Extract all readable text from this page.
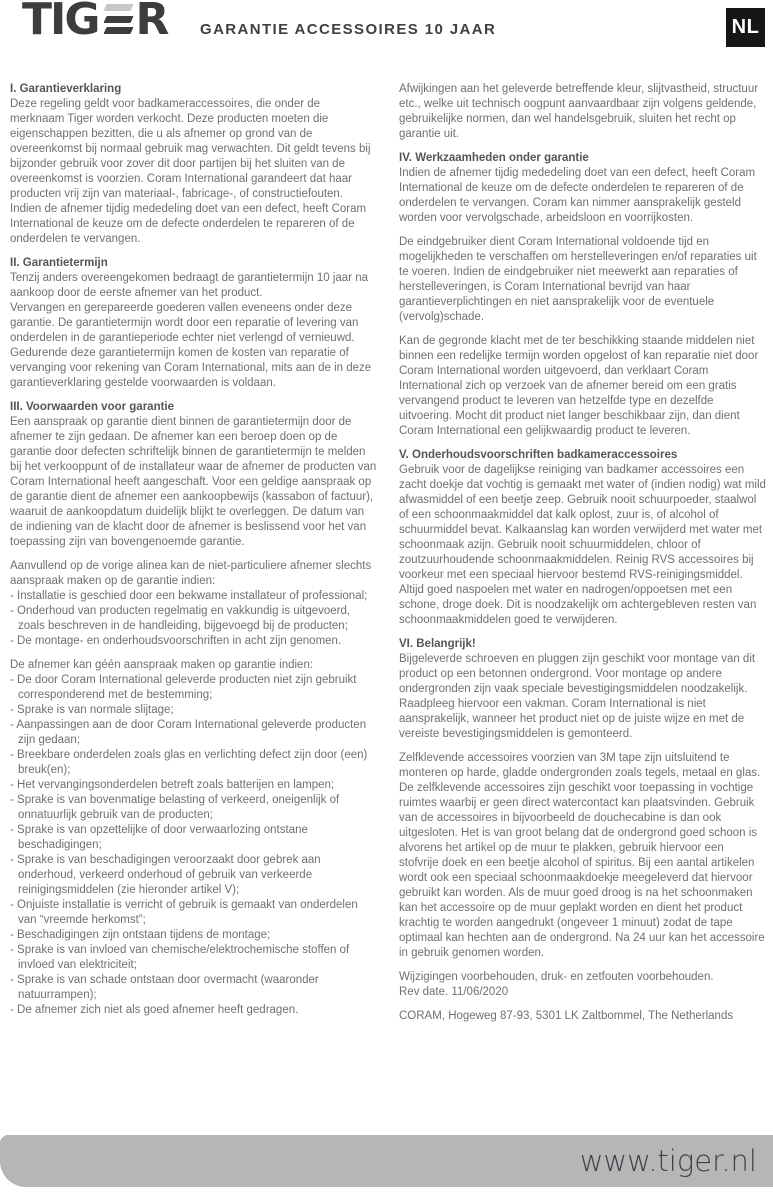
TIG R GARANTIE ACCESSOIRES 10 JAAR	NL
I. Garantieverklaring
Deze regeling geldt voor badkameraccessoires, die onder de merknaam Tiger worden verkocht. Deze producten moeten die eigenschappen bezitten, die u als afnemer op grond van de overeenkomst bij normaal gebruik mag verwachten. Dit geldt tevens bij bijzonder gebruik voor zover dit door partijen bij het sluiten van de overeenkomst is voorzien. Coram International garandeert dat haar producten vrij zijn van materiaal-, fabricage-, of constructiefouten. Indien de afnemer tijdig mededeling doet van een defect, heeft Coram International de keuze om de defecte onderdelen te repareren of de onderdelen te vervangen.
II. Garantietermijn
Tenzij anders overeengekomen bedraagt de garantietermijn 10 jaar na aankoop door de eerste afnemer van het product.
Vervangen en gerepareerde goederen vallen eveneens onder deze garantie. De garantietermijn wordt door een reparatie of levering van onderdelen in de garantieperiode echter niet verlengd of vernieuwd.
Gedurende deze garantietermijn komen de kosten van reparatie of vervanging voor rekening van Coram International, mits aan de in deze garantieverklaring gestelde voorwaarden is voldaan.
III. Voorwaarden voor garantie
Een aanspraak op garantie dient binnen de garantietermijn door de afnemer te zijn gedaan. De afnemer kan een beroep doen op de garantie door defecten schriftelijk binnen de garantietermijn te melden bij het verkooppunt of de installateur waar de afnemer de producten van Coram International heeft aangeschaft. Voor een geldige aanspraak op de garantie dient de afnemer een aankoopbewijs (kassabon of factuur), waaruit de aankoopdatum duidelijk blijkt te overleggen. De datum van de indiening van de klacht door de afnemer is beslissend voor het van toepassing zijn van bovengenoemde garantie.
Aanvullend op de vorige alinea kan de niet-particuliere afnemer slechts aanspraak maken op de garantie indien:
- Installatie is geschied door een bekwame installateur of professional;
- Onderhoud van producten regelmatig en vakkundig is uitgevoerd, zoals beschreven in de handleiding, bijgevoegd bij de producten;
- De montage- en onderhoudsvoorschriften in acht zijn genomen.
De afnemer kan géén aanspraak maken op garantie indien:
- De door Coram International geleverde producten niet zijn gebruikt corresponderend met de bestemming;
- Sprake is van normale slijtage;
- Aanpassingen aan de door Coram International geleverde producten zijn gedaan;
- Breekbare onderdelen zoals glas en verlichting defect zijn door (een) breuk(en);
- Het vervangingsonderdelen betreft zoals batterijen en lampen;
- Sprake is van bovenmatige belasting of verkeerd, oneigenlijk of onnatuurlijk gebruik van de producten;
- Sprake is van opzettelijke of door verwaarlozing ontstane beschadigingen;
- Sprake is van beschadigingen veroorzaakt door gebrek aan onderhoud, verkeerd onderhoud of gebruik van verkeerde reinigingsmiddelen (zie hieronder artikel V);
- Onjuiste installatie is verricht of gebruik is gemaakt van onderdelen van “vreemde herkomst”;
- Beschadigingen zijn ontstaan tijdens de montage;
- Sprake is van invloed van chemische/elektrochemische stoffen of invloed van elektriciteit;
- Sprake is van schade ontstaan door overmacht (waaronder natuurrampen);
- De afnemer zich niet als goed afnemer heeft gedragen.
Afwijkingen aan het geleverde betreffende kleur, slijtvastheid, structuur etc., welke uit technisch oogpunt aanvaardbaar zijn volgens geldende, gebruikelijke normen, dan wel handelsgebruik, sluiten het recht op garantie uit.
IV. Werkzaamheden onder garantie
Indien de afnemer tijdig mededeling doet van een defect, heeft Coram International de keuze om de defecte onderdelen te repareren of de onderdelen te vervangen. Coram kan nimmer aansprakelijk gesteld worden voor vervolgschade, arbeidsloon en voorrijkosten.
De eindgebruiker dient Coram International voldoende tijd en mogelijkheden te verschaffen om herstelleveringen en/of reparaties uit te voeren. Indien de eindgebruiker niet meewerkt aan reparaties of herstelleveringen, is Coram International bevrijd van haar garantieverplichtingen en niet aansprakelijk voor de eventuele (vervolg)schade.
Kan de gegronde klacht met de ter beschikking staande middelen niet binnen een redelijke termijn worden opgelost of kan reparatie niet door Coram International worden uitgevoerd, dan verklaart Coram International zich op verzoek van de afnemer bereid om een gratis vervangend product te leveren van hetzelfde type en dezelfde uitvoering. Mocht dit product niet langer beschikbaar zijn, dan dient Coram International een gelijkwaardig product te leveren.
V. Onderhoudsvoorschriften badkameraccessoires
Gebruik voor de dagelijkse reiniging van badkamer accessoires een zacht doekje dat vochtig is gemaakt met water of (indien nodig) wat mild afwasmiddel of een beetje zeep. Gebruik nooit schuurpoeder, staalwol of een schoonmaakmiddel dat kalk oplost, zuur is, of alcohol of schuurmiddel bevat. Kalkaanslag kan worden verwijderd met water met schoonmaak azijn. Gebruik nooit schuurmiddelen, chloor of zoutzuurhoudende schoonmaakmiddelen. Reinig RVS accessoires bij voorkeur met een speciaal hiervoor bestemd RVS-reinigingsmiddel. Altijd goed naspoelen met water en nadrogen/oppoetsen met een schone, droge doek. Dit is noodzakelijk om achtergebleven resten van schoonmaakmiddelen goed te verwijderen.
VI. Belangrijk!
Bijgeleverde schroeven en pluggen zijn geschikt voor montage van dit product op een betonnen ondergrond. Voor montage op andere ondergronden zijn vaak speciale bevestigingsmiddelen noodzakelijk. Raadpleeg hiervoor een vakman. Coram International is niet aansprakelijk, wanneer het product niet op de juiste wijze en met de vereiste bevestigingsmiddelen is gemonteerd.
Zelfklevende accessoires voorzien van 3M tape zijn uitsluitend te monteren op harde, gladde ondergronden zoals tegels, metaal en glas. De zelfklevende accessoires zijn geschikt voor toepassing in vochtige ruimtes waarbij er geen direct watercontact kan plaatsvinden. Gebruik van de accessoires in bijvoorbeeld de douchecabine is dan ook uitgesloten. Het is van groot belang dat de ondergrond goed schoon is alvorens het artikel op de muur te plakken, gebruik hiervoor een stofvrije doek en een beetje alcohol of spiritus. Bij een aantal artikelen wordt ook een speciaal schoonmaakdoekje meegeleverd dat hiervoor gebruikt kan worden. Als de muur goed droog is na het schoonmaken kan het accessoire op de muur geplakt worden en dient het product krachtig te worden aangedrukt (ongeveer 1 minuut) zodat de tape optimaal kan hechten aan de ondergrond. Na 24 uur kan het accessoire in gebruik genomen worden.
Wijzigingen voorbehouden, druk- en zetfouten voorbehouden.
Rev date. 11/06/2020
CORAM, Hogeweg 87-93, 5301 LK Zaltbommel, The Netherlands
www.tiger.nl
